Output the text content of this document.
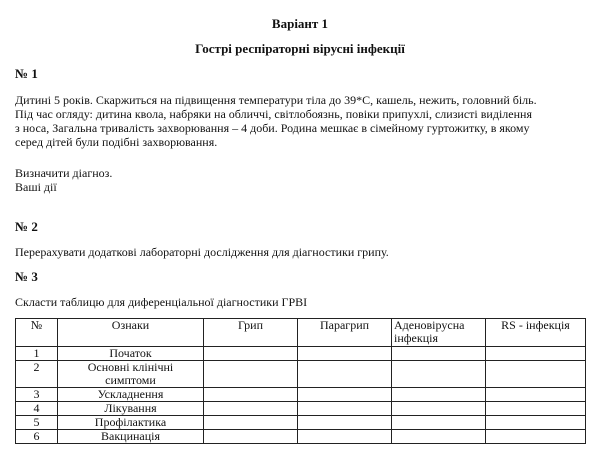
Варіант 1
Гострі респіраторні вірусні інфекції
№ 1
Дитині 5 років. Скаржиться на підвищення температури тіла до 39*С, кашель, нежить, головний біль.
Під час огляду: дитина квола, набряки на обличчі, світлобоязнь, повіки припухлі, слизисті виділення
з носа, Загальна тривалість захворювання – 4 доби. Родина мешкає в сімейному гуртожитку, в якому
серед дітей були подібні захворювання.
Визначити діагноз.
Ваші дії
№ 2
Перерахувати додаткові лабораторні дослідження для діагностики грипу.
№ 3
Скласти таблицю для диференціальної діагностики ГРВІ
№	Ознаки	Грип	Парагрип	Аденовірусна інфекція	RS - інфекція
1	Початок				
2	Основні клінічні симптоми				
3	Ускладнення				
4	Лікування				
5	Профілактика				
6	Вакцинація				
